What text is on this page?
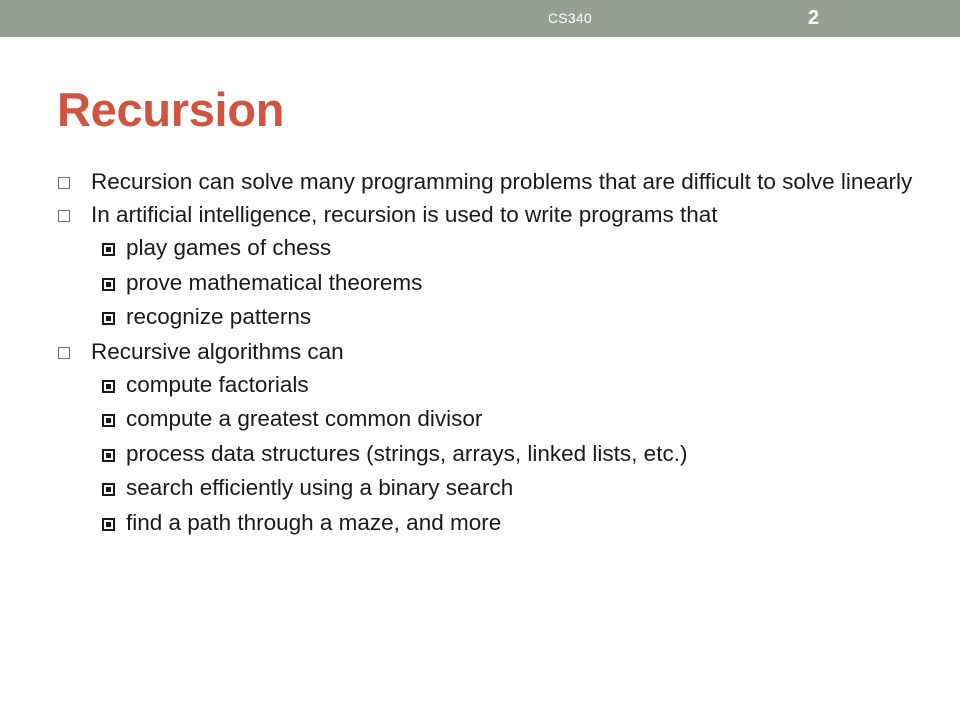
CS340	2
Recursion
Recursion can solve many programming problems that are difficult to solve linearly
In artificial intelligence, recursion is used to write programs that
play games of chess
prove mathematical theorems
recognize patterns
Recursive algorithms can
compute factorials
compute a greatest common divisor
process data structures (strings, arrays, linked lists, etc.)
search efficiently using a binary search
find a path through a maze, and more
